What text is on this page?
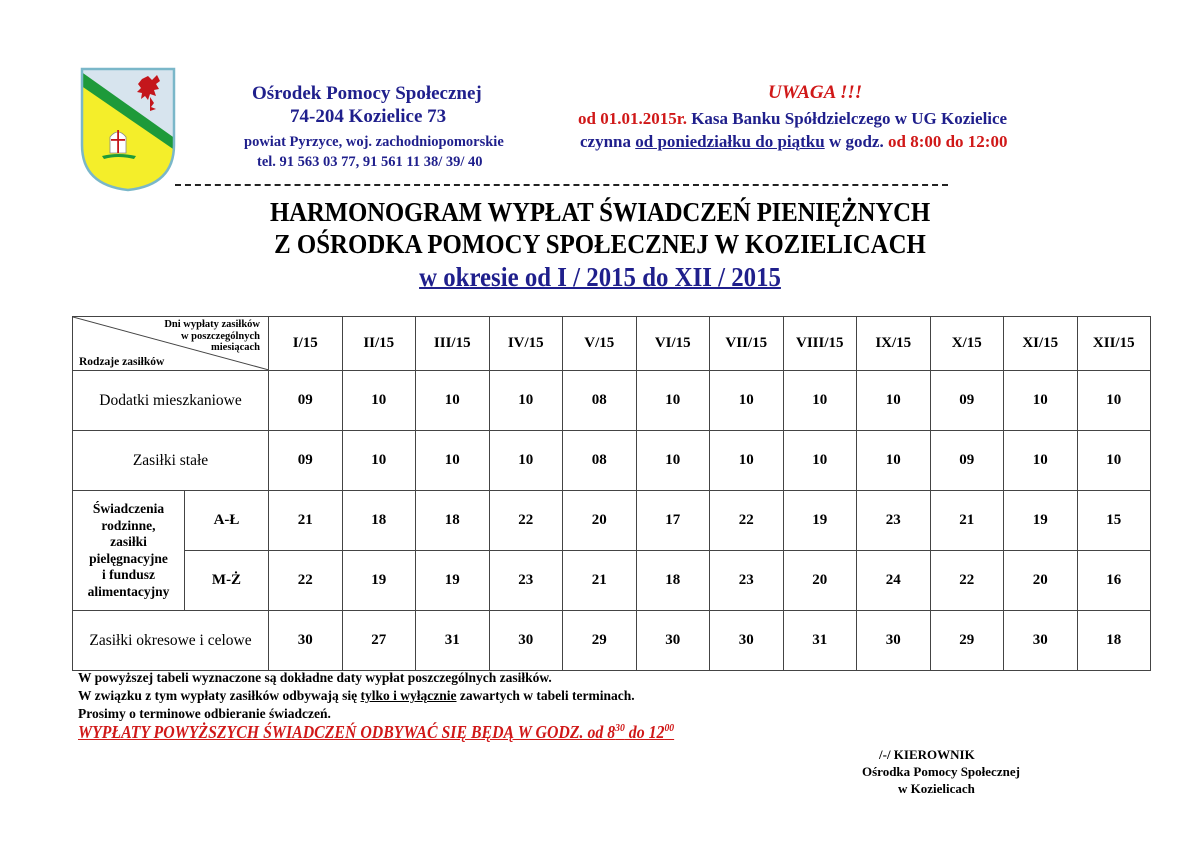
Ośrodek Pomocy Społecznej
74-204 Kozielice 73
powiat Pyrzyce, woj. zachodniopomorskie
tel. 91 563 03 77, 91 561 11 38/ 39/ 40
UWAGA !!!
od 01.01.2015r. Kasa Banku Spółdzielczego w UG Kozielice
czynna od poniedziałku do piątku w godz. od 8:00 do 12:00
HARMONOGRAM WYPŁAT ŚWIADCZEŃ PIENIĘŻNYCH
Z OŚRODKA POMOCY SPOŁECZNEJ W KOZIELICACH
w okresie od I / 2015 do XII / 2015
Dni wypłaty zasiłków
w poszczególnych
miesiącach
Rodzaje zasiłków		I/15	II/15	III/15	IV/15	V/15	VI/15	VII/15	VIII/15	IX/15	X/15	XI/15	XII/15
Dodatki mieszkaniowe		09	10	10	10	08	10	10	10	10	09	10	10
Zasiłki stałe		09	10	10	10	08	10	10	10	10	09	10	10

Świadczenia
rodzinne,
zasiłki
pielęgnacyjne
i fundusz
alimentacyjny
	A-Ł	21	18	18	22	20	17	22	19	23	21	19	15
	M-Ż	22	19	19	23	21	18	23	20	24	22	20	16
Zasiłki okresowe i celowe		30	27	31	30	29	30	30	31	30	29	30	18
W powyższej tabeli wyznaczone są dokładne daty wypłat poszczególnych zasiłków.
W związku z tym wypłaty zasiłków odbywają się tylko i wyłącznie zawartych w tabeli terminach.
Prosimy o terminowe odbieranie świadczeń.
WYPŁATY POWYŻSZYCH ŚWIADCZEŃ ODBYWAĆ SIĘ BĘDĄ W GODZ. od $8^{30}$ do $12^{00}$
/-/ KIEROWNIK
Ośrodka Pomocy Społecznej
w Kozielicach
